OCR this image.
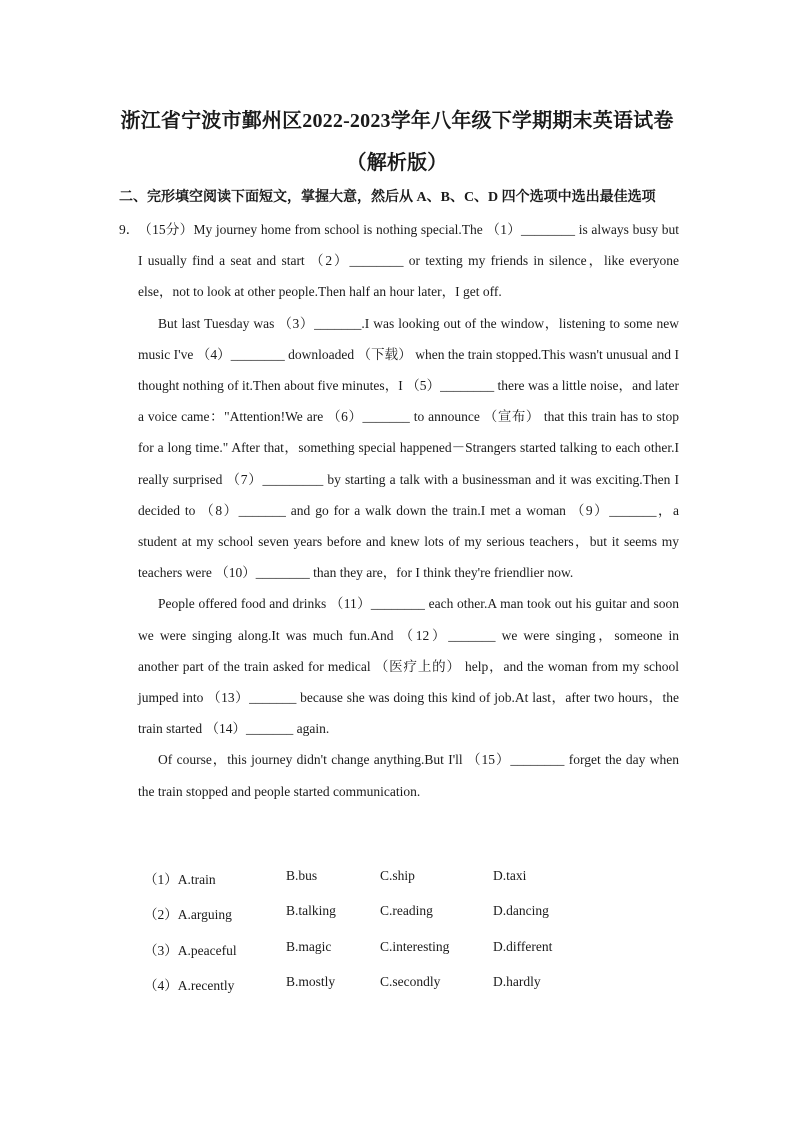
浙江省宁波市鄞州区2022-2023学年八年级下学期期末英语试卷
（解析版）
二、完形填空阅读下面短文，掌握大意，然后从 A、B、C、D 四个选项中选出最佳选项

9．（15分）My journey home from school is nothing special.The （1）________ is always busy but I usually find a seat and start （2）________ or texting my friends in silence，like everyone else，not to look at other people.Then half an hour later，I get off.

But last Tuesday was （3）_______.I was looking out of the window，listening to some new music I've （4）________ downloaded （下载） when the train stopped.This wasn't unusual and I thought nothing of it.Then about five minutes，I （5）________ there was a little noise，and later a voice came："Attention!We are （6）_______ to announce （宣布） that this train has to stop for a long time." After that，something special happened－Strangers started talking to each other.I really surprised （7）_________ by starting a talk with a businessman and it was exciting.Then I decided to （8）_______ and go for a walk down the train.I met a woman （9）_______，a student at my school seven years before and knew lots of my serious teachers，but it seems my teachers were （10）________ than they are，for I think they're friendlier now.

People offered food and drinks （11）________ each other.A man took out his guitar and soon we were singing along.It was much fun.And （12）_______ we were singing，someone in another part of the train asked for medical （医疗上的） help，and the woman from my school jumped into （13）_______ because she was doing this kind of job.At last，after two hours，the train started （14）_______ again.

Of course，this journey didn't change anything.But I'll （15）________ forget the day when the train stopped and people started communication.

（1）A.train	B.bus	C.ship	D.taxi
（2）A.arguing	B.talking	C.reading	D.dancing
（3）A.peaceful	B.magic	C.interesting	D.different
（4）A.recently	B.mostly	C.secondly	D.hardly
